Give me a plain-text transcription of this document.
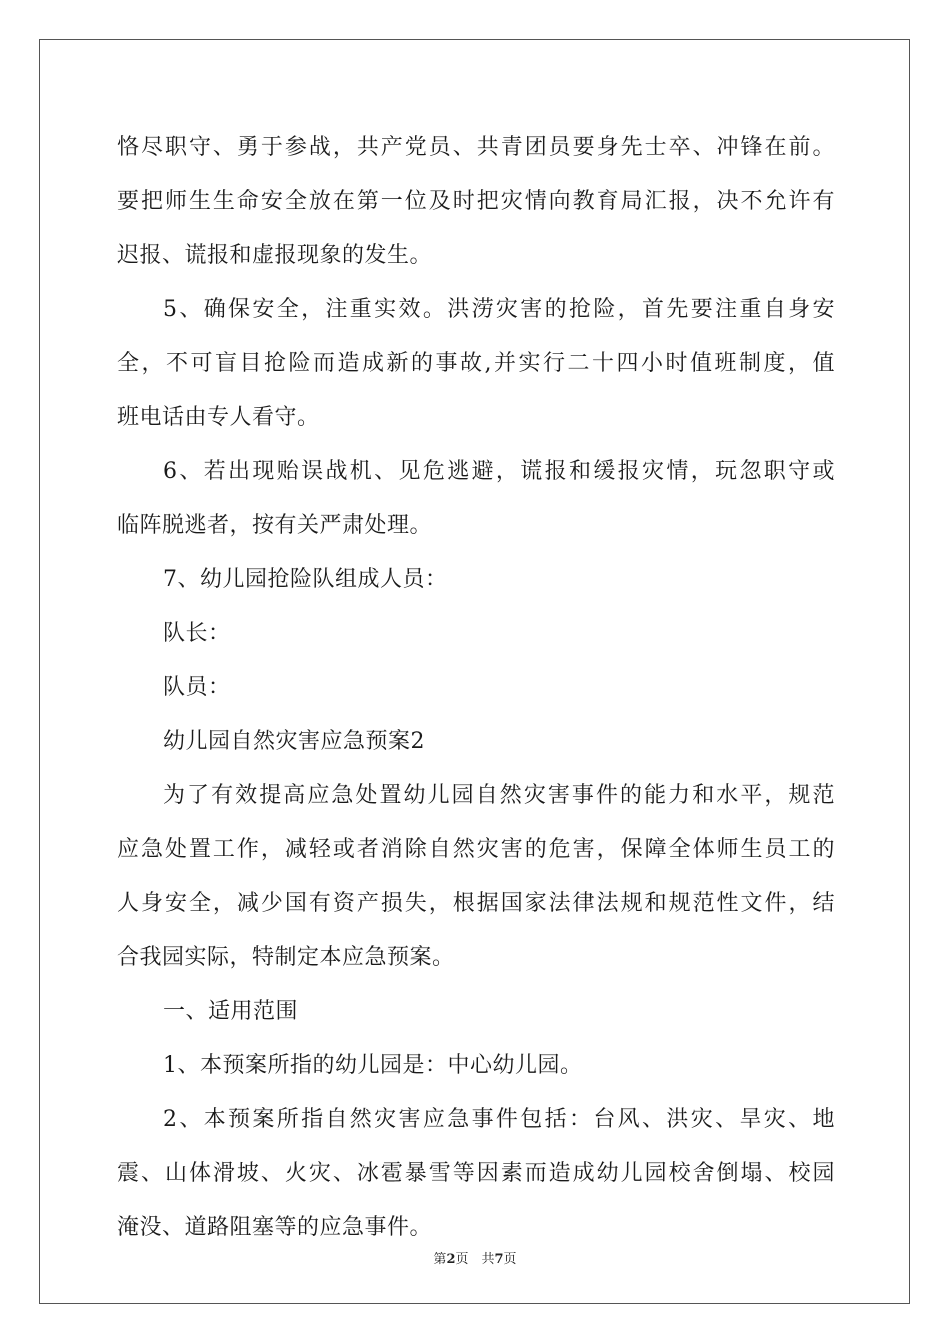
恪尽职守、勇于参战，共产党员、共青团员要身先士卒、冲锋在前。
要把师生生命安全放在第一位及时把灾情向教育局汇报，决不允许有
迟报、谎报和虚报现象的发生。
5、确保安全，注重实效。洪涝灾害的抢险，首先要注重自身安
全，不可盲目抢险而造成新的事故,并实行二十四小时值班制度，值
班电话由专人看守。
6、若出现贻误战机、见危逃避，谎报和缓报灾情，玩忽职守或
临阵脱逃者，按有关严肃处理。
7、幼儿园抢险队组成人员：
队长：
队员：
幼儿园自然灾害应急预案2
为了有效提高应急处置幼儿园自然灾害事件的能力和水平，规范
应急处置工作，减轻或者消除自然灾害的危害，保障全体师生员工的
人身安全，减少国有资产损失，根据国家法律法规和规范性文件，结
合我园实际，特制定本应急预案。
一、适用范围
1、本预案所指的幼儿园是：中心幼儿园。
2、本预案所指自然灾害应急事件包括：台风、洪灾、旱灾、地
震、山体滑坡、火灾、冰雹暴雪等因素而造成幼儿园校舍倒塌、校园
淹没、道路阻塞等的应急事件。
第2页　共7页
